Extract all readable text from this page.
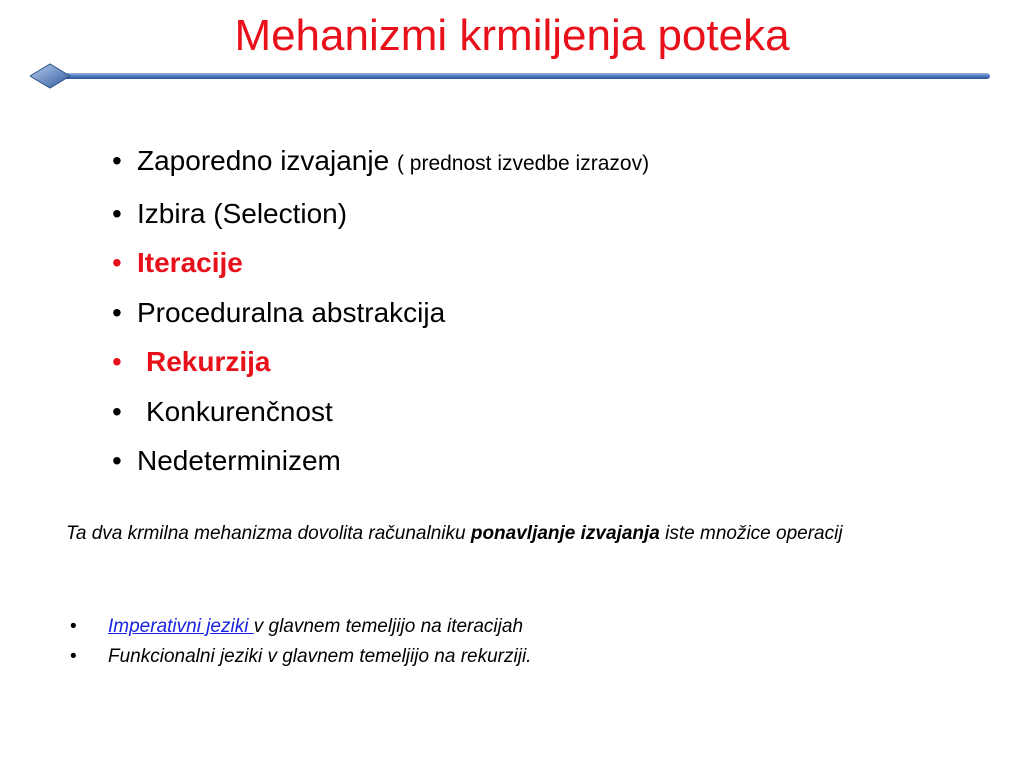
Mehanizmi krmiljenja poteka
• Zaporedno izvajanje ( prednost izvedbe izrazov)
• Izbira (Selection)
• Iteracije
• Proceduralna abstrakcija
• Rekurzija
• Konkurenčnost
• Nedeterminizem
Ta dva krmilna mehanizma dovolita računalniku ponavljanje izvajanja iste množice operacij
• Imperativni jeziki v glavnem temeljijo na iteracijah
• Funkcionalni jeziki v glavnem temeljijo na rekurziji.
